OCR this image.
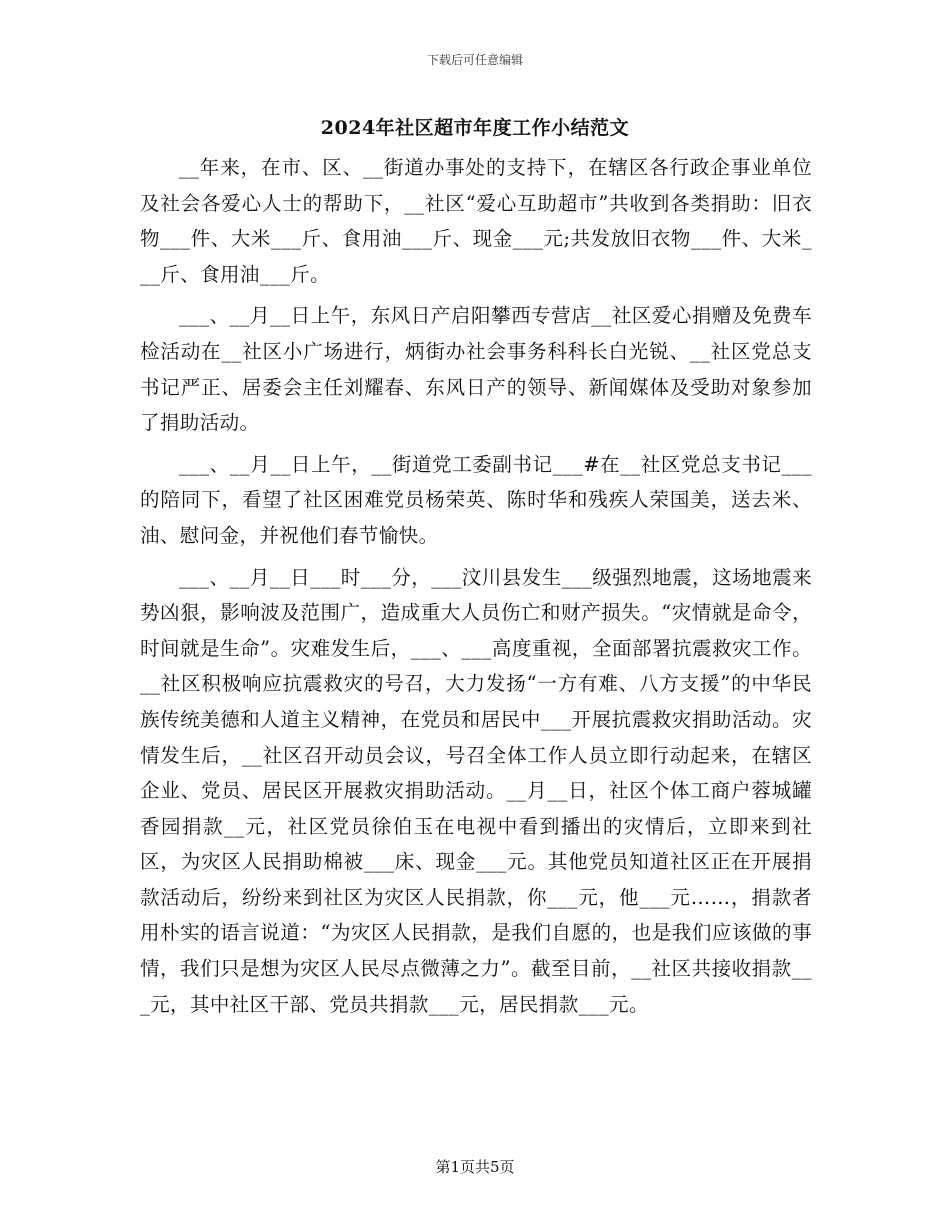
下载后可任意编辑
2024年社区超市年度工作小结范文

__年来，在市、区、__街道办事处的支持下，在辖区各行政企事业单位及社会各爱心人士的帮助下，__社区“爱心互助超市”共收到各类捐助：旧衣物___件、大米___斤、食用油___斤、现金___元;共发放旧衣物___件、大米___斤、食用油___斤。

___、__月__日上午，东风日产启阳攀西专营店__社区爱心捐赠及免费车检活动在__社区小广场进行，炳街办社会事务科科长白光锐、__社区党总支书记严正、居委会主任刘耀春、东风日产的领导、新闻媒体及受助对象参加了捐助活动。

___、__月__日上午，__街道党工委副书记___#在__社区党总支书记___的陪同下，看望了社区困难党员杨荣英、陈时华和残疾人荣国美，送去米、油、慰问金，并祝他们春节愉快。

___、__月__日___时___分，___汶川县发生___级强烈地震，这场地震来势凶狠，影响波及范围广，造成重大人员伤亡和财产损失。“灾情就是命令，时间就是生命”。灾难发生后，___、___高度重视，全面部署抗震救灾工作。__社区积极响应抗震救灾的号召，大力发扬“一方有难、八方支援”的中华民族传统美德和人道主义精神，在党员和居民中___开展抗震救灾捐助活动。灾情发生后，__社区召开动员会议，号召全体工作人员立即行动起来，在辖区企业、党员、居民区开展救灾捐助活动。__月__日，社区个体工商户蓉城罐香园捐款__元，社区党员徐伯玉在电视中看到播出的灾情后，立即来到社区，为灾区人民捐助棉被___床、现金___元。其他党员知道社区正在开展捐款活动后，纷纷来到社区为灾区人民捐款，你___元，他___元……，捐款者用朴实的语言说道：“为灾区人民捐款，是我们自愿的，也是我们应该做的事情，我们只是想为灾区人民尽点微薄之力”。截至目前，__社区共接收捐款___元，其中社区干部、党员共捐款___元，居民捐款___元。

第1页共5页
